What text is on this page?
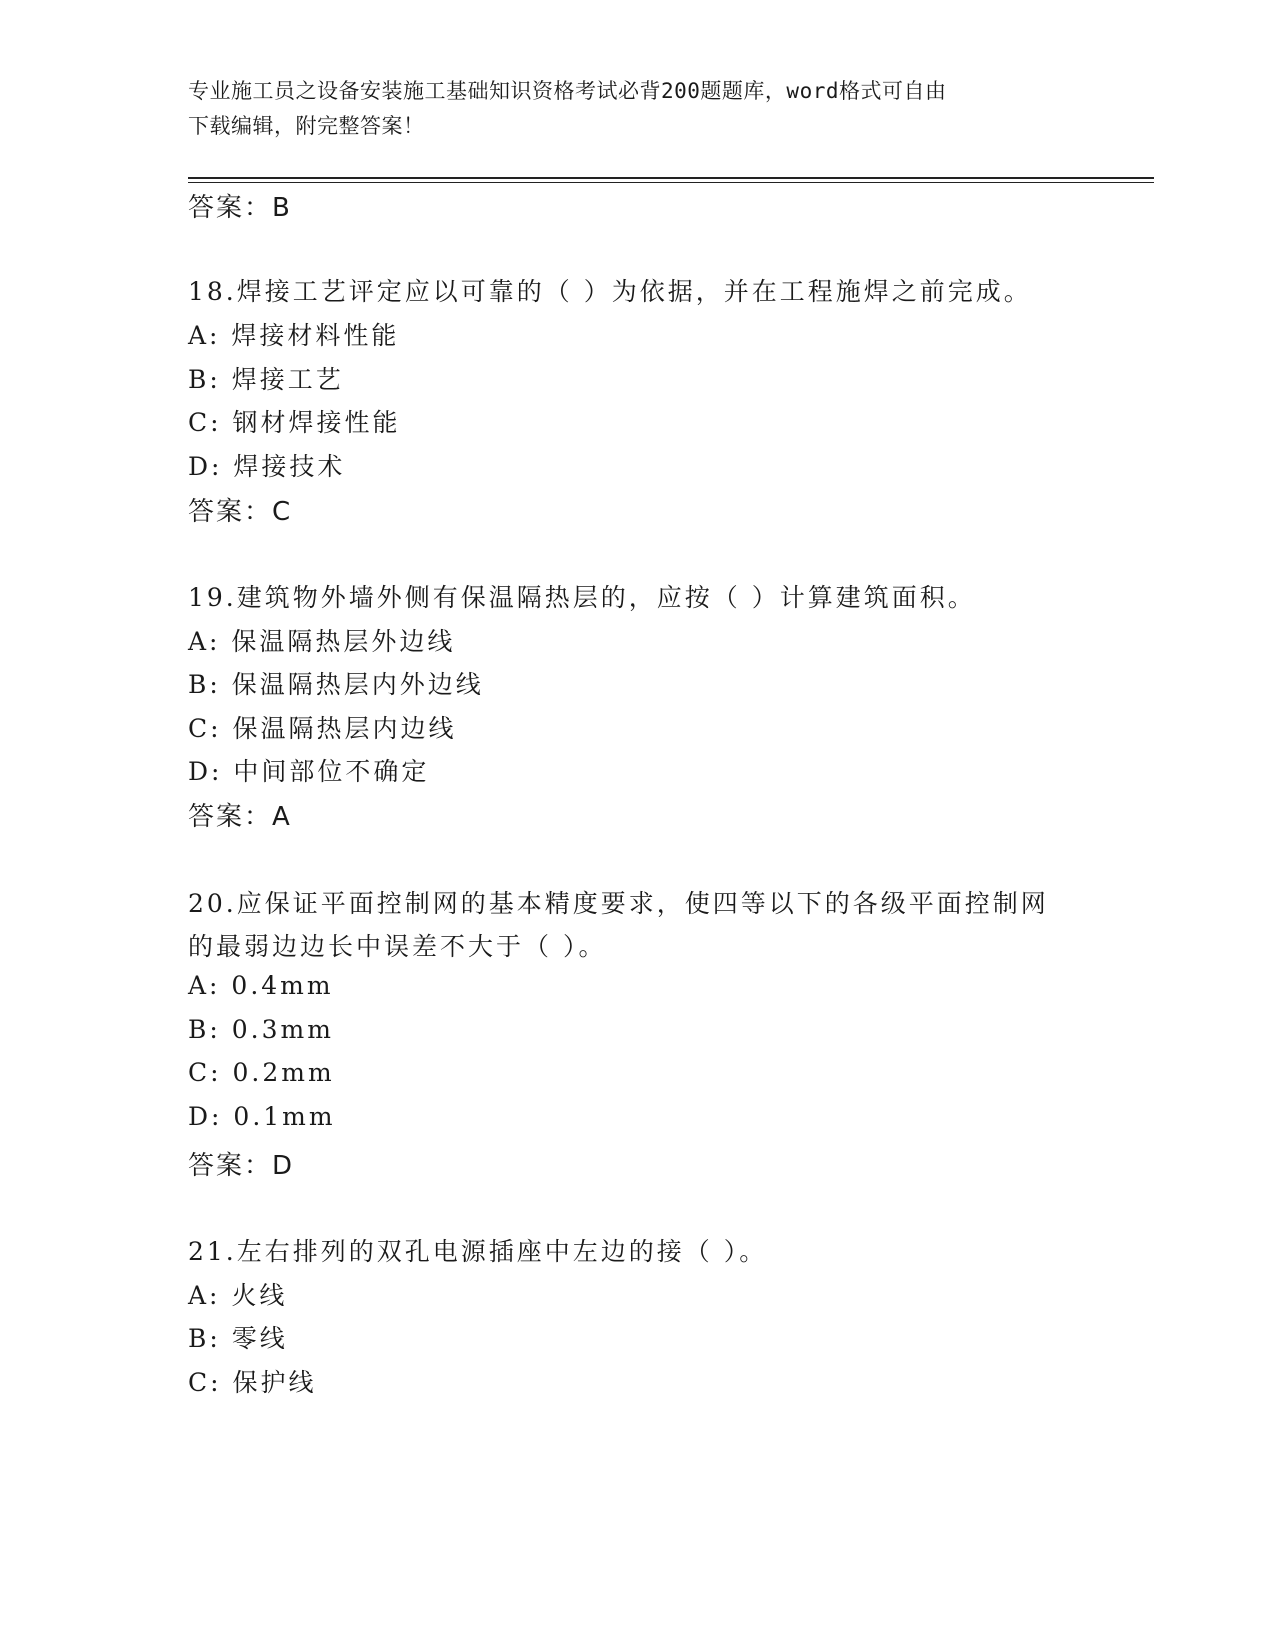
专业施工员之设备安装施工基础知识资格考试必背200题题库，word格式可自由
下载编辑，附完整答案！
答案：B
18.焊接工艺评定应以可靠的（ ）为依据，并在工程施焊之前完成。
A: 焊接材料性能
B: 焊接工艺
C: 钢材焊接性能
D: 焊接技术
答案：C
19.建筑物外墙外侧有保温隔热层的，应按（ ）计算建筑面积。
A: 保温隔热层外边线
B: 保温隔热层内外边线
C: 保温隔热层内边线
D: 中间部位不确定
答案：A
20.应保证平面控制网的基本精度要求，使四等以下的各级平面控制网
的最弱边边长中误差不大于（ ）。
A: 0.4mm
B: 0.3mm
C: 0.2mm
D: 0.1mm
答案：D
21.左右排列的双孔电源插座中左边的接（ ）。
A: 火线
B: 零线
C: 保护线
